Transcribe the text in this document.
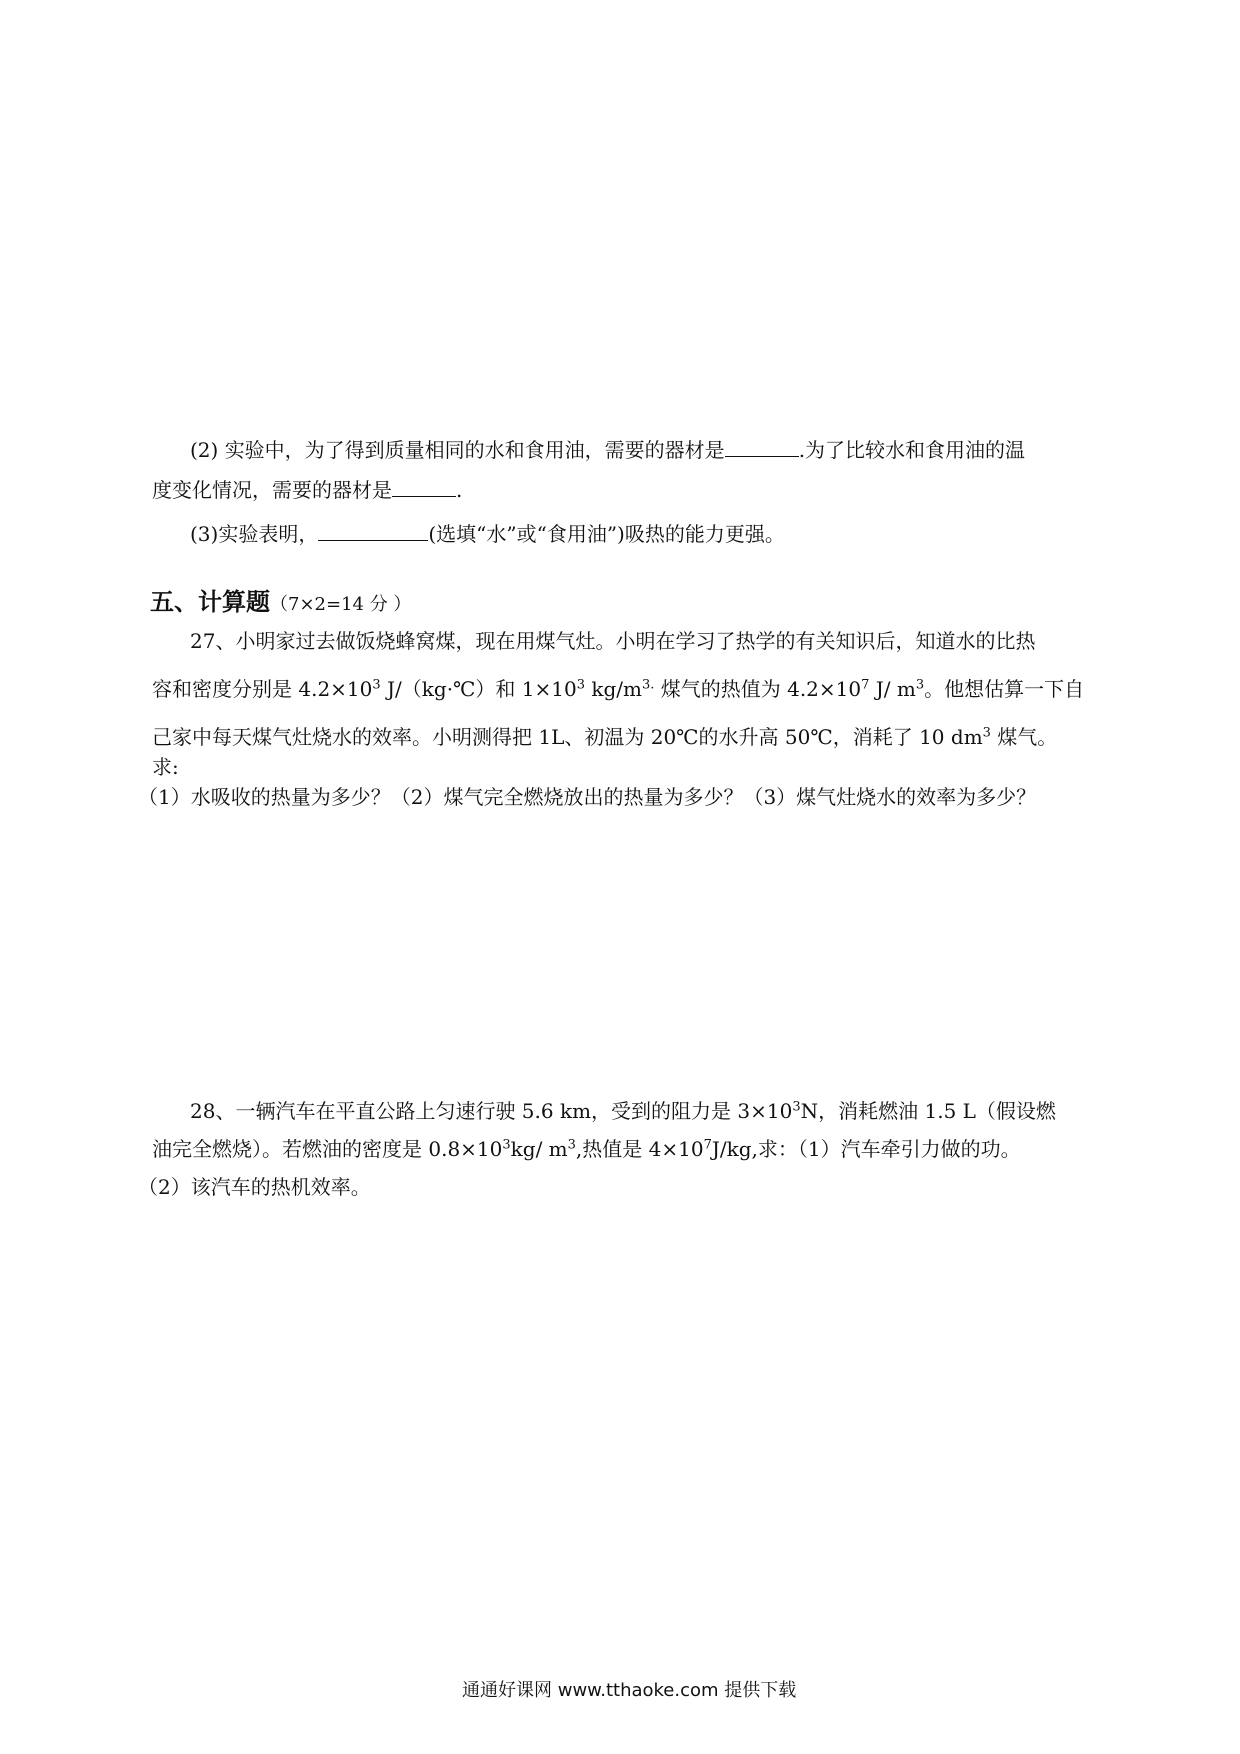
(2) 实验中，为了得到质量相同的水和食用油，需要的器材是	.为了比较水和食用油的温
度变化情况，需要的器材是	.
(3)实验表明，	(选填“水”或“食用油”)吸热的能力更强。
五、计算题（7×2=14 分 ）
27、小明家过去做饭烧蜂窝煤，现在用煤气灶。小明在学习了热学的有关知识后，知道水的比热
容和密度分别是 $4.2\times 10^3$ J/（kg·℃）和 $1\times 10^3$ $kg/m^{3.}$ 煤气的热值为 $4.2\times 10^7$ J/ $m^3$。他想估算一下自
己家中每天煤气灶烧水的效率。小明测得把 1L、初温为 20℃的水升高 50℃，消耗了 10 $dm^3$ 煤气。
求:
（1）水吸收的热量为多少？（2）煤气完全燃烧放出的热量为多少？（3）煤气灶烧水的效率为多少？
28、一辆汽车在平直公路上匀速行驶 5.6 km，受到的阻力是 $3\times 10^3N$，消耗燃油 1.5 L（假设燃
油完全燃烧）。若燃油的密度是 $0.8\times 10^3kg/$ $m^3$,热值是 $4\times 10^7J/kg$,求：（1）汽车牵引力做的功。
（2）该汽车的热机效率。
通通好课网 www.tthaoke.com 提供下载
